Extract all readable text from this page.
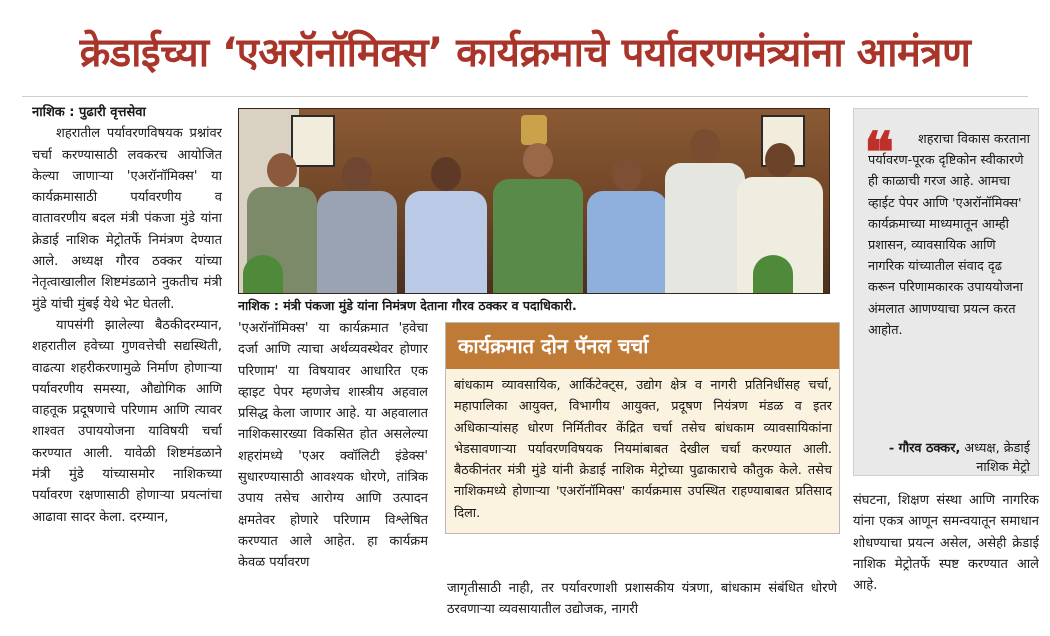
क्रेडाईच्या ‘एअरॉनॉमिक्स’ कार्यक्रमाचे पर्यावरणमंत्र्यांना आमंत्रण

नाशिक : पुढारी वृत्तसेवा

शहरातील पर्यावरणविषयक प्रश्नांवर चर्चा करण्यासाठी लवकरच आयोजित केल्या जाणाऱ्या 'एअरॉनॉमिक्स' या कार्यक्रमासाठी पर्यावरणीय व वातावरणीय बदल मंत्री पंकजा मुंडे यांना क्रेडाई नाशिक मेट्रोतर्फे निमंत्रण देण्यात आले. अध्यक्ष गौरव ठक्कर यांच्या नेतृत्वाखालील शिष्टमंडळाने नुकतीच मंत्री मुंडे यांची मुंबई येथे भेट घेतली.

यापसंगी झालेल्या बैठकीदरम्यान, शहरातील हवेच्या गुणवत्तेची सद्यस्थिती, वाढत्या शहरीकरणामुळे निर्माण होणाऱ्या पर्यावरणीय समस्या, औद्योगिक आणि वाहतूक प्रदूषणाचे परिणाम आणि त्यावर शाश्वत उपाययोजना याविषयी चर्चा करण्यात आली. यावेळी शिष्टमंडळाने मंत्री मुंडे यांच्यासमोर नाशिकच्या पर्यावरण रक्षणासाठी होणाऱ्या प्रयत्नांचा आढावा सादर केला. दरम्यान,

नाशिक : मंत्री पंकजा मुंडे यांना निमंत्रण देताना गौरव ठक्कर व पदाधिकारी.

'एअरॉनॉमिक्स' या कार्यक्रमात 'हवेचा दर्जा आणि त्याचा अर्थव्यवस्थेवर होणार परिणाम' या विषयावर आधारित एक व्हाइट पेपर म्हणजेच शास्त्रीय अहवाल प्रसिद्ध केला जाणार आहे. या अहवालात नाशिकसारख्या विकसित होत असलेल्या शहरांमध्ये 'एअर क्वॉलिटी इंडेक्स' सुधारण्यासाठी आवश्यक धोरणे, तांत्रिक उपाय तसेच आरोग्य आणि उत्पादन क्षमतेवर होणारे परिणाम विश्लेषित करण्यात आले आहेत. हा कार्यक्रम केवळ पर्यावरण

कार्यक्रमात दोन पॅनल चर्चा
बांधकाम व्यावसायिक, आर्किटेक्ट्स, उद्योग क्षेत्र व नागरी प्रतिनिधींसह चर्चा, महापालिका आयुक्त, विभागीय आयुक्त, प्रदूषण नियंत्रण मंडळ व इतर अधिकाऱ्यांसह धोरण निर्मितीवर केंद्रित चर्चा तसेच बांधकाम व्यावसायिकांना भेडसावणाऱ्या पर्यावरणविषयक नियमांबाबत देखील चर्चा करण्यात आली. बैठकीनंतर मंत्री मुंडे यांनी क्रेडाई नाशिक मेट्रोच्या पुढाकाराचे कौतुक केले. तसेच नाशिकमध्ये होणाऱ्या 'एअरॉनॉमिक्स' कार्यक्रमास उपस्थित राहण्याबाबत प्रतिसाद दिला.

जागृतीसाठी नाही, तर पर्यावरणाशी प्रशासकीय यंत्रणा, बांधकाम संबंधित धोरणे ठरवणाऱ्या व्यवसायातील उद्योजक, नागरी

❝	शहराचा विकास करताना पर्यावरण-पूरक दृष्टिकोन स्वीकारणे ही काळाची गरज आहे. आमचा व्हाईट पेपर आणि 'एअरॉनॉमिक्स' कार्यक्रमाच्या माध्यमातून आम्ही प्रशासन, व्यावसायिक आणि नागरिक यांच्यातील संवाद दृढ करून परिणामकारक उपाययोजना अंमलात आणण्याचा प्रयत्न करत आहोत.
- गौरव ठक्कर, अध्यक्ष, क्रेडाई नाशिक मेट्रो

संघटना, शिक्षण संस्था आणि नागरिक यांना एकत्र आणून समन्वयातून समाधान शोधण्याचा प्रयत्न असेल, असेही क्रेडाई नाशिक मेट्रोतर्फे स्पष्ट करण्यात आले आहे.
